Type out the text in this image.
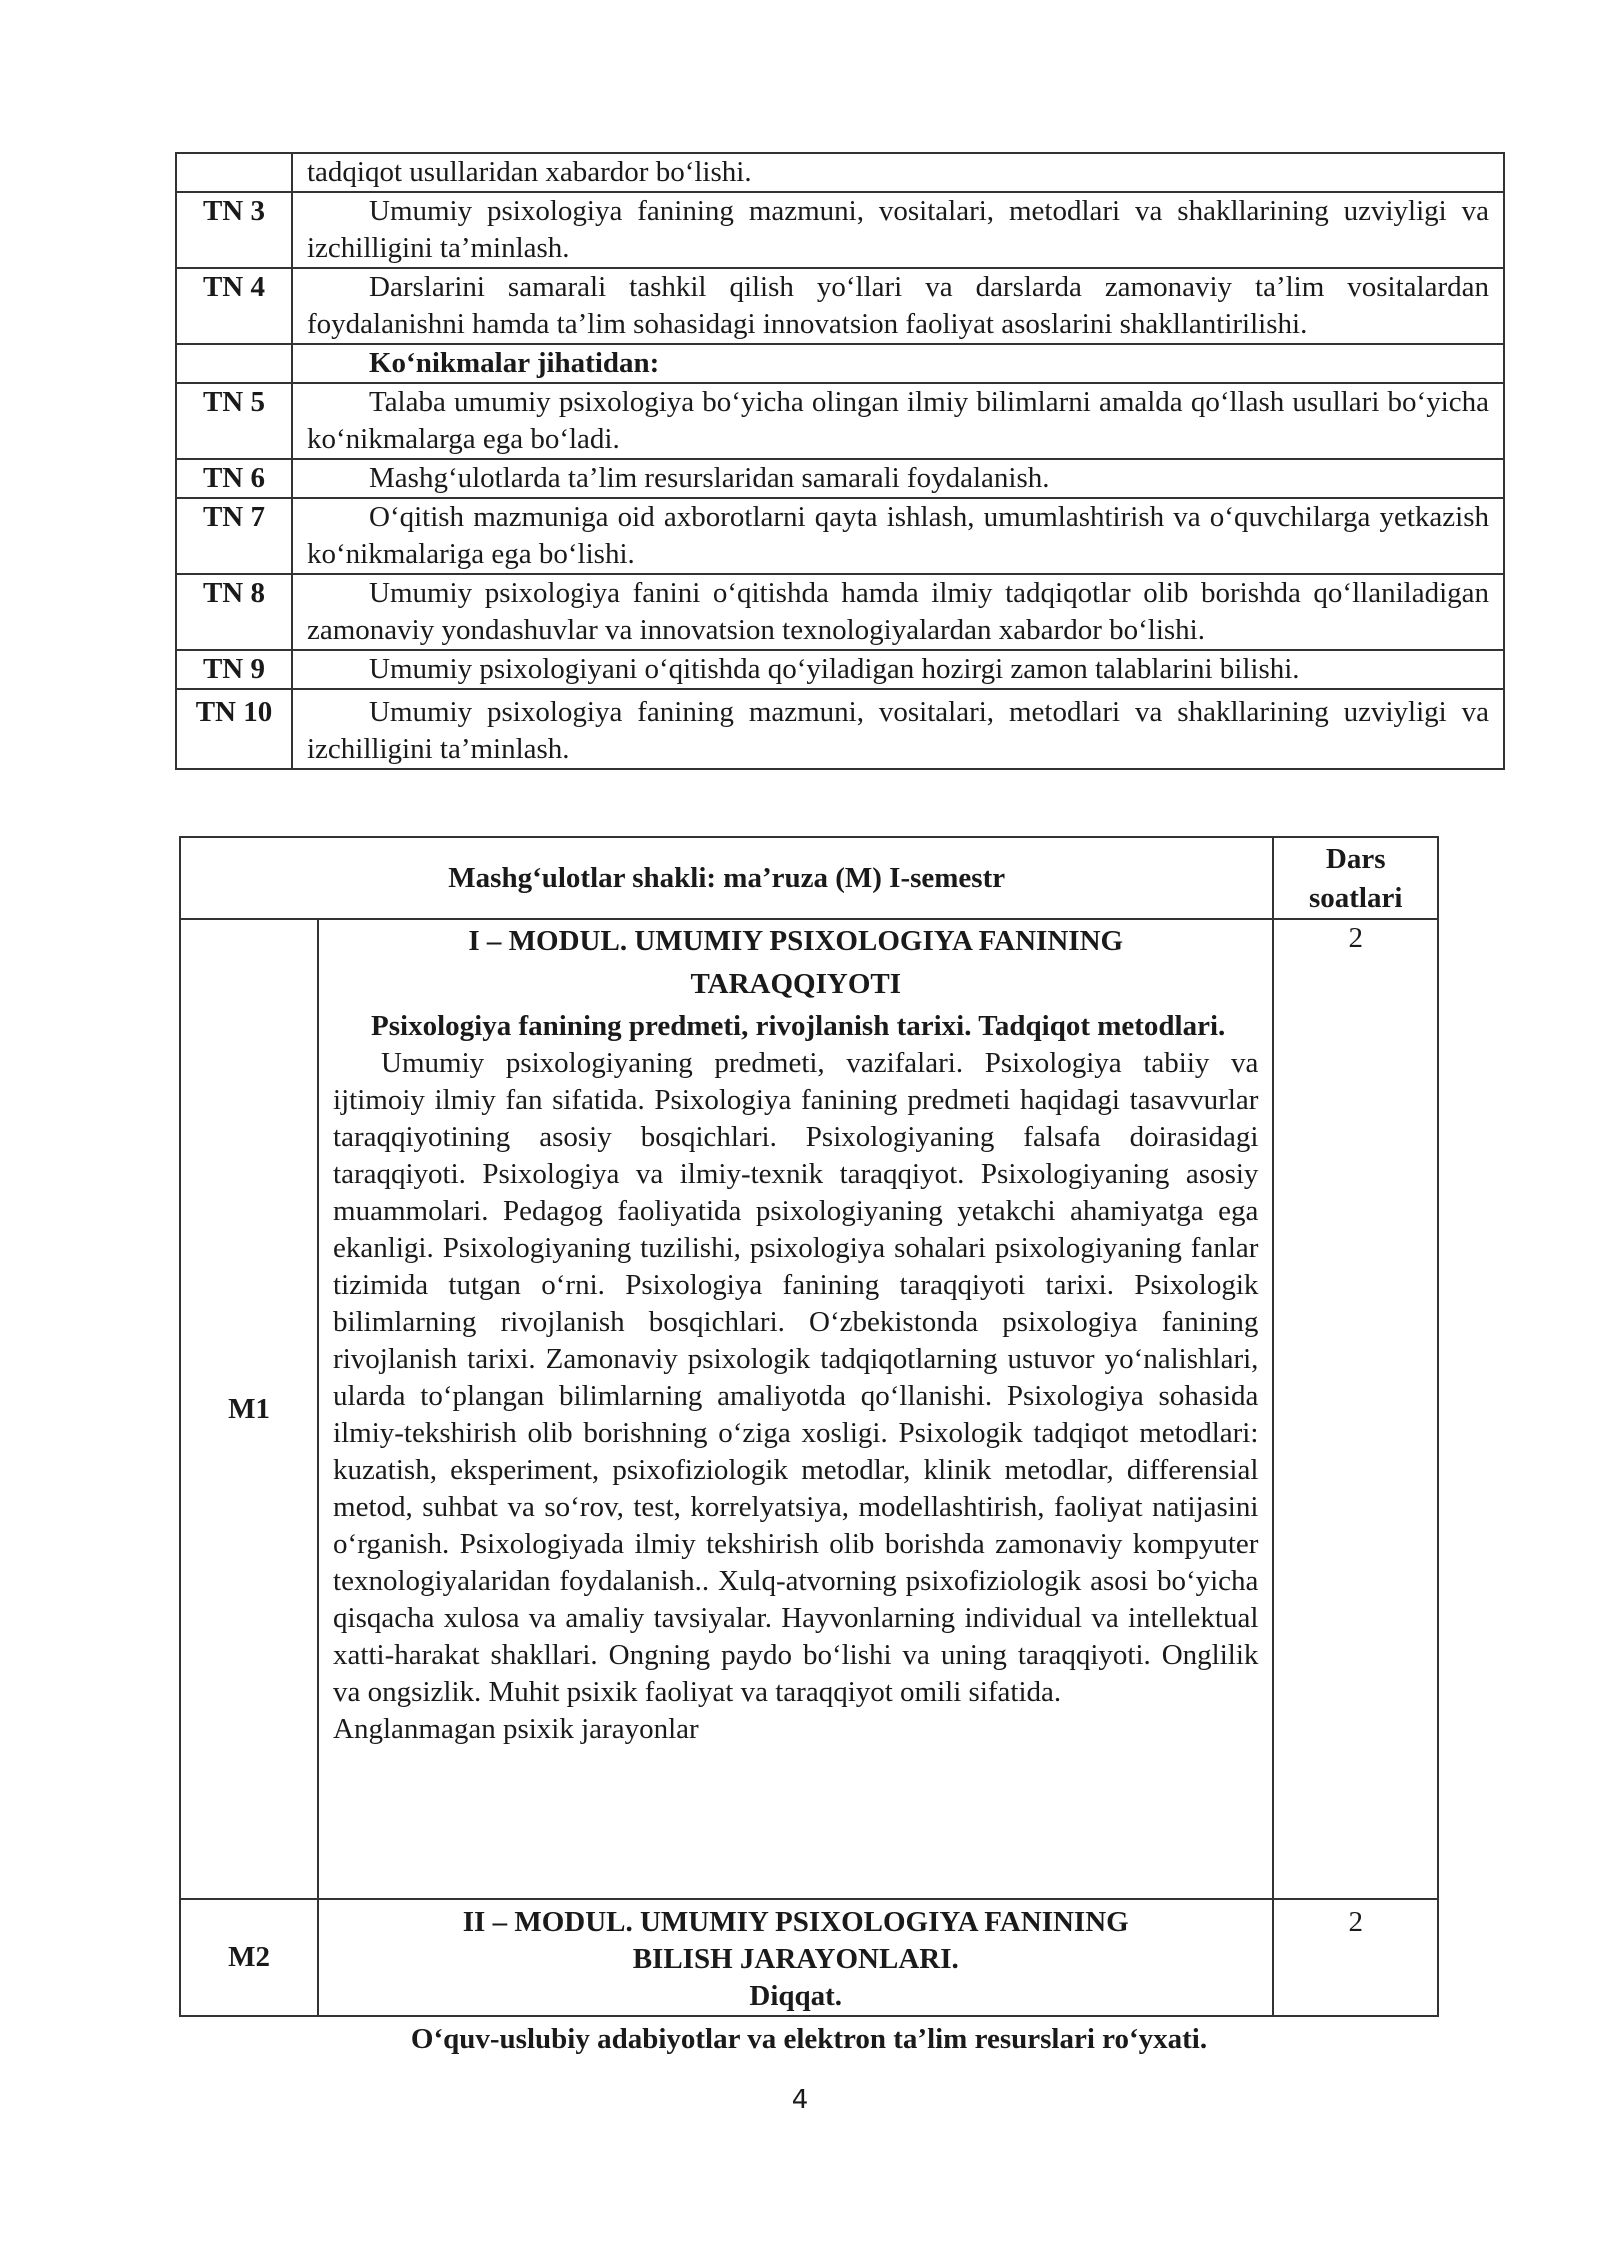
	tadqiqot usullaridan xabardor bo‘lishi.
TN 3	Umumiy psixologiya fanining mazmuni, vositalari, metodlari va shakllarining uzviyligi va izchilligini ta’minlash.
TN 4	Darslarini samarali tashkil qilish yo‘llari va darslarda zamonaviy ta’lim vositalardan foydalanishni hamda ta’lim sohasidagi innovatsion faoliyat asoslarini shakllantirilishi.
	Ko‘nikmalar jihatidan:
TN 5	Talaba umumiy psixologiya bo‘yicha olingan ilmiy bilimlarni amalda qo‘llash usullari bo‘yicha ko‘nikmalarga ega bo‘ladi.
TN 6	Mashg‘ulotlarda ta’lim resurslaridan samarali foydalanish.
TN 7	O‘qitish mazmuniga oid axborotlarni qayta ishlash, umumlashtirish va o‘quvchilarga yetkazish ko‘nikmalariga ega bo‘lishi.
TN 8	Umumiy psixologiya fanini o‘qitishda hamda ilmiy tadqiqotlar olib borishda qo‘llaniladigan zamonaviy yondashuvlar va innovatsion texnologiyalardan xabardor bo‘lishi.
TN 9	Umumiy psixologiyani o‘qitishda qo‘yiladigan hozirgi zamon talablarini bilishi.
TN 10	Umumiy psixologiya fanining mazmuni, vositalari, metodlari va shakllarining uzviyligi va izchilligini ta’minlash.
Mashg‘ulotlar shakli: ma’ruza (M) I-semestr		Dars
soatlari

M1	I – MODUL. UMUMIY PSIXOLOGIYA FANINING
TARAQQIYOTI
Psixologiya fanining predmeti, rivojlanish tarixi. Tadqiqot metodlari.
Umumiy psixologiyaning predmeti, vazifalari. Psixologiya tabiiy va ijtimoiy ilmiy fan sifatida. Psixologiya fanining predmeti haqidagi tasavvurlar taraqqiyotining asosiy bosqichlari. Psixologiyaning falsafa doirasidagi taraqqiyoti. Psixologiya va ilmiy-texnik taraqqiyot. Psixologiyaning asosiy muammolari. Pedagog faoliyatida psixologiyaning yetakchi ahamiyatga ega ekanligi. Psixologiyaning tuzilishi, psixologiya sohalari psixologiyaning fanlar tizimida tutgan o‘rni. Psixologiya fanining taraqqiyoti tarixi. Psixologik bilimlarning rivojlanish bosqichlari. O‘zbekistonda psixologiya fanining rivojlanish tarixi. Zamonaviy psixologik tadqiqotlarning ustuvor yo‘nalishlari, ularda to‘plangan bilimlarning amaliyotda qo‘llanishi. Psixologiya sohasida ilmiy-tekshirish olib borishning o‘ziga xosligi. Psixologik tadqiqot metodlari: kuzatish, eksperiment, psixofiziologik metodlar, klinik metodlar, differensial metod, suhbat va so‘rov, test, korrelyatsiya, modellashtirish, faoliyat natijasini o‘rganish. Psixologiyada ilmiy tekshirish olib borishda zamonaviy kompyuter texnologiyalaridan foydalanish.. Xulq-atvorning psixofiziologik asosi bo‘yicha qisqacha xulosa va amaliy tavsiyalar. Hayvonlarning individual va intellektual xatti-harakat shakllari. Ongning paydo bo‘lishi va uning taraqqiyoti. Onglilik va ongsizlik. Muhit psixik faoliyat va taraqqiyot omili sifatida.
Anglanmagan psixik jarayonlar	2
M2	II – MODUL. UMUMIY PSIXOLOGIYA FANINING
BILISH JARAYONLARI.
Diqqat.	2
O‘quv-uslubiy adabiyotlar va elektron ta’lim resurslari ro‘yxati.
4
